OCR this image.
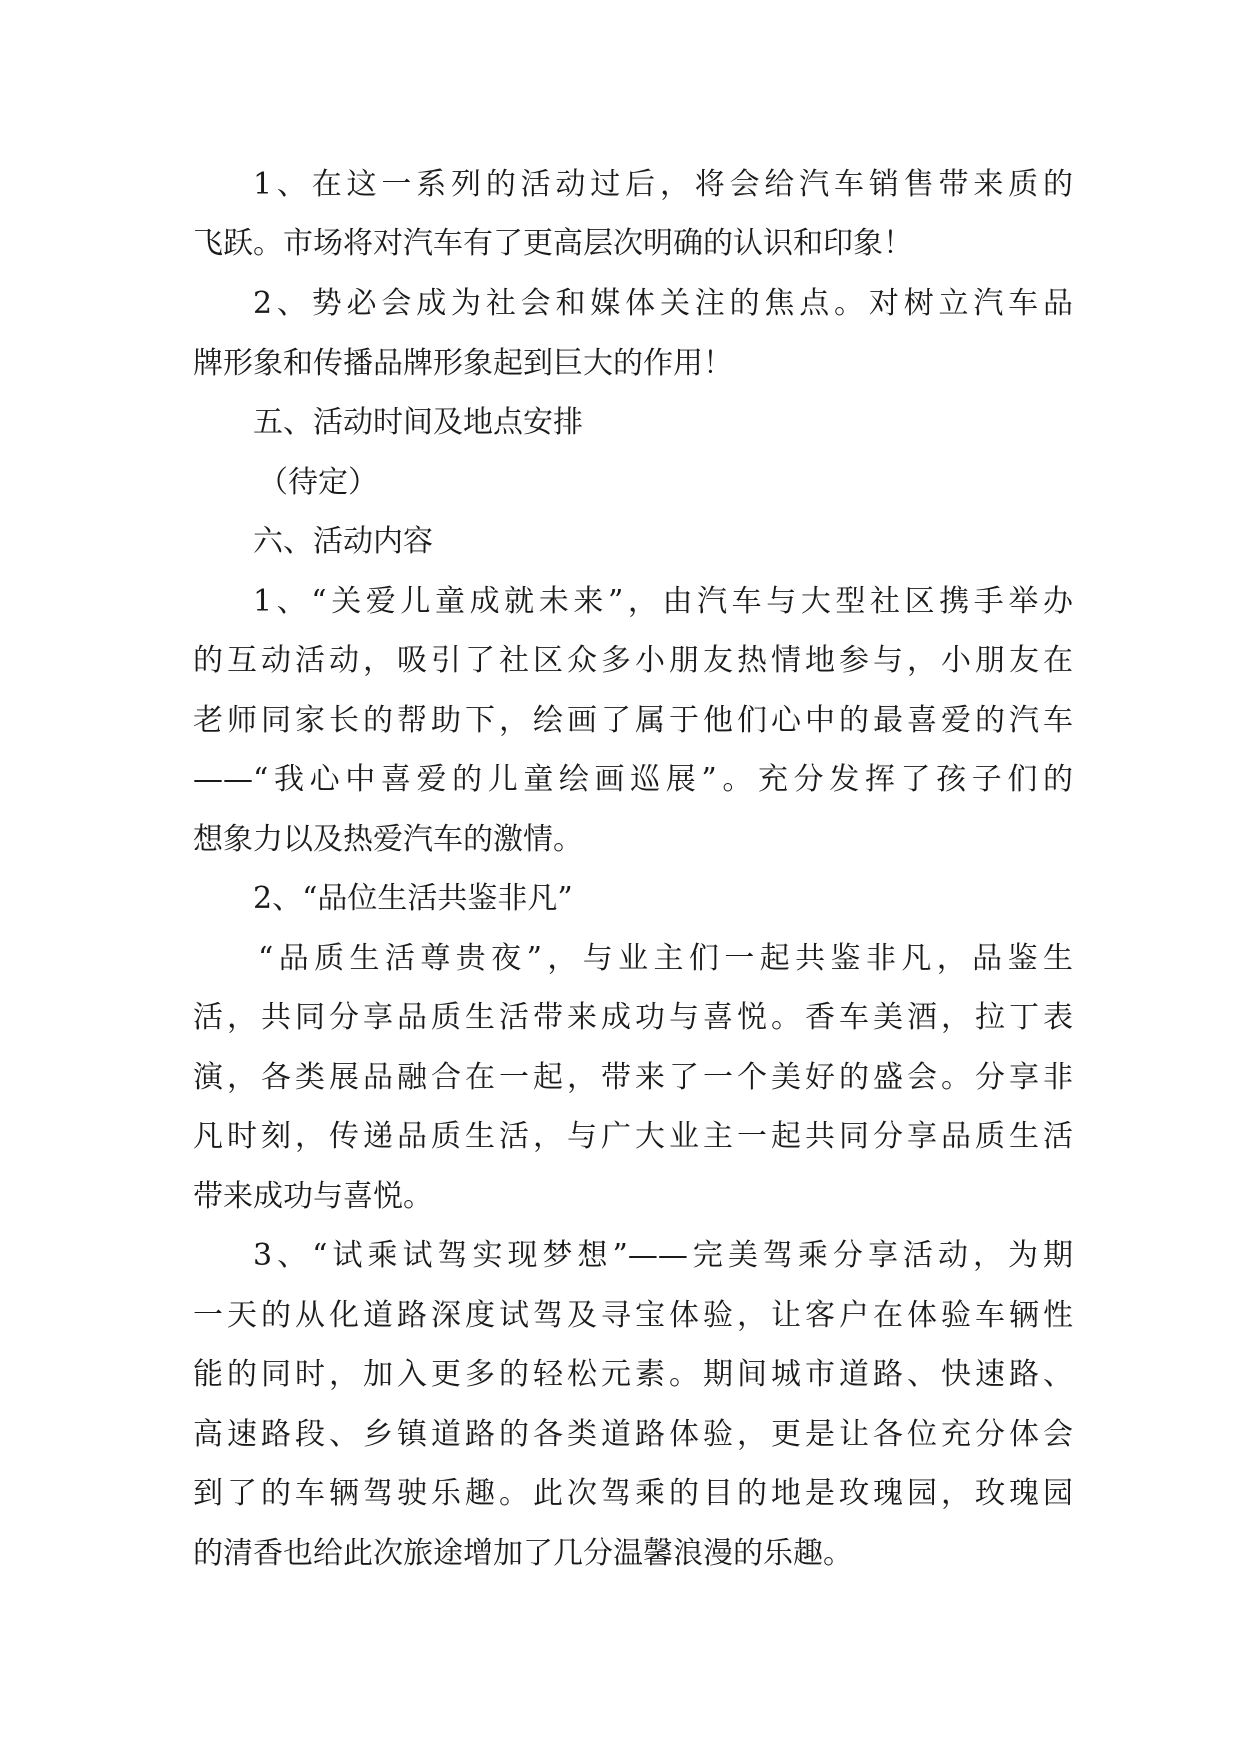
1、在这一系列的活动过后，将会给汽车销售带来质的
飞跃。市场将对汽车有了更高层次明确的认识和印象！
2、势必会成为社会和媒体关注的焦点。对树立汽车品
牌形象和传播品牌形象起到巨大的作用！
五、活动时间及地点安排
（待定）
六、活动内容
1、“关爱儿童成就未来”，由汽车与大型社区携手举办
的互动活动，吸引了社区众多小朋友热情地参与，小朋友在
老师同家长的帮助下，绘画了属于他们心中的最喜爱的汽车
——“我心中喜爱的儿童绘画巡展”。充分发挥了孩子们的
想象力以及热爱汽车的激情。
2、“品位生活共鉴非凡”
“品质生活尊贵夜”，与业主们一起共鉴非凡，品鉴生
活，共同分享品质生活带来成功与喜悦。香车美酒，拉丁表
演，各类展品融合在一起，带来了一个美好的盛会。分享非
凡时刻，传递品质生活，与广大业主一起共同分享品质生活
带来成功与喜悦。
3、“试乘试驾实现梦想”——完美驾乘分享活动，为期
一天的从化道路深度试驾及寻宝体验，让客户在体验车辆性
能的同时，加入更多的轻松元素。期间城市道路、快速路、
高速路段、乡镇道路的各类道路体验，更是让各位充分体会
到了的车辆驾驶乐趣。此次驾乘的目的地是玫瑰园，玫瑰园
的清香也给此次旅途增加了几分温馨浪漫的乐趣。
